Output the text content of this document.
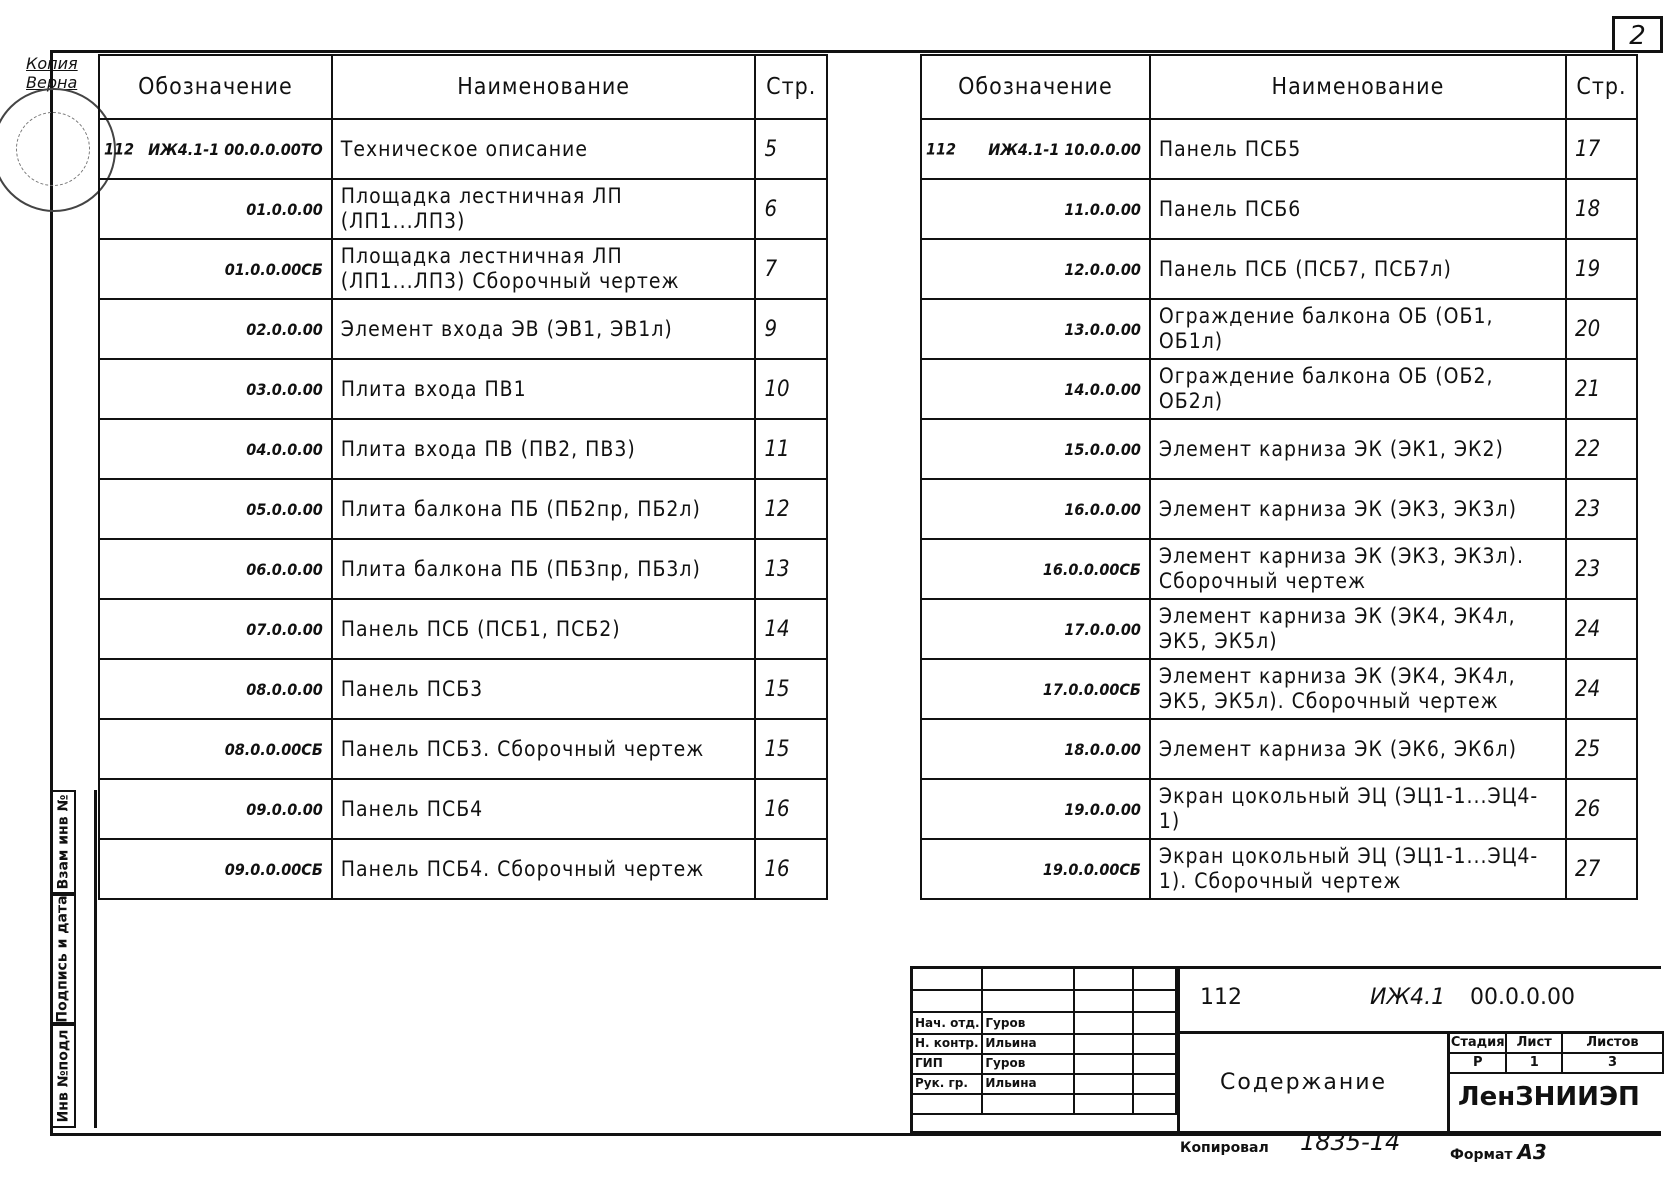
2
Копия
Верна	Обозначение	Наименование	Стр.

112 ИЖ4.1-1 00.0.0.00ТО	Техническое описание	5
01.0.0.00	Площадка лестничная ЛП (ЛП1...ЛП3)	6
01.0.0.00СБ	Площадка лестничная ЛП (ЛП1...ЛП3) Сборочный чертеж	7
02.0.0.00	Элемент входа ЭВ (ЭВ1, ЭВ1л)	9
03.0.0.00	Плита входа ПВ1	10
04.0.0.00	Плита входа ПВ (ПВ2, ПВ3)	11
05.0.0.00	Плита балкона ПБ (ПБ2пр, ПБ2л)	12
06.0.0.00	Плита балкона ПБ (ПБ3пр, ПБ3л)	13
07.0.0.00	Панель ПСБ (ПСБ1, ПСБ2)	14
08.0.0.00	Панель ПСБ3	15
08.0.0.00СБ	Панель ПСБ3. Сборочный чертеж	15
09.0.0.00	Панель ПСБ4	16
09.0.0.00СБ	Панель ПСБ4. Сборочный чертеж	16
Обозначение	Наименование	Стр.

112 ИЖ4.1-1 10.0.0.00	Панель ПСБ5	17
11.0.0.00	Панель ПСБ6	18
12.0.0.00	Панель ПСБ (ПСБ7, ПСБ7л)	19
13.0.0.00	Ограждение балкона ОБ (ОБ1, ОБ1л)	20
14.0.0.00	Ограждение балкона ОБ (ОБ2, ОБ2л)	21
15.0.0.00	Элемент карниза ЭК (ЭК1, ЭК2)	22
16.0.0.00	Элемент карниза ЭК (ЭК3, ЭК3л)	23
16.0.0.00СБ	Элемент карниза ЭК (ЭК3, ЭК3л). Сборочный чертеж	23
17.0.0.00	Элемент карниза ЭК (ЭК4, ЭК4л, ЭК5, ЭК5л)	24
17.0.0.00СБ	Элемент карниза ЭК (ЭК4, ЭК4л, ЭК5, ЭК5л). Сборочный чертеж	24
18.0.0.00	Элемент карниза ЭК (ЭК6, ЭК6л)	25
19.0.0.00	Экран цокольный ЭЦ (ЭЦ1-1...ЭЦ4-1)	26
19.0.0.00СБ	Экран цокольный ЭЦ (ЭЦ1-1...ЭЦ4-1). Сборочный чертеж	27
Взам инв №
Подпись и дата
Инв №подл
Нач. отд. Гуров
Н. контр. Ильина
ГИП	Гуров
Рук. гр.	Ильина
112	ИЖ4.1 00.0.0.00
Содержание
Стадия Лист	Листов
Р	1	3
ЛенЗНИИЭП
Копировал 1835-14	Формат А3
